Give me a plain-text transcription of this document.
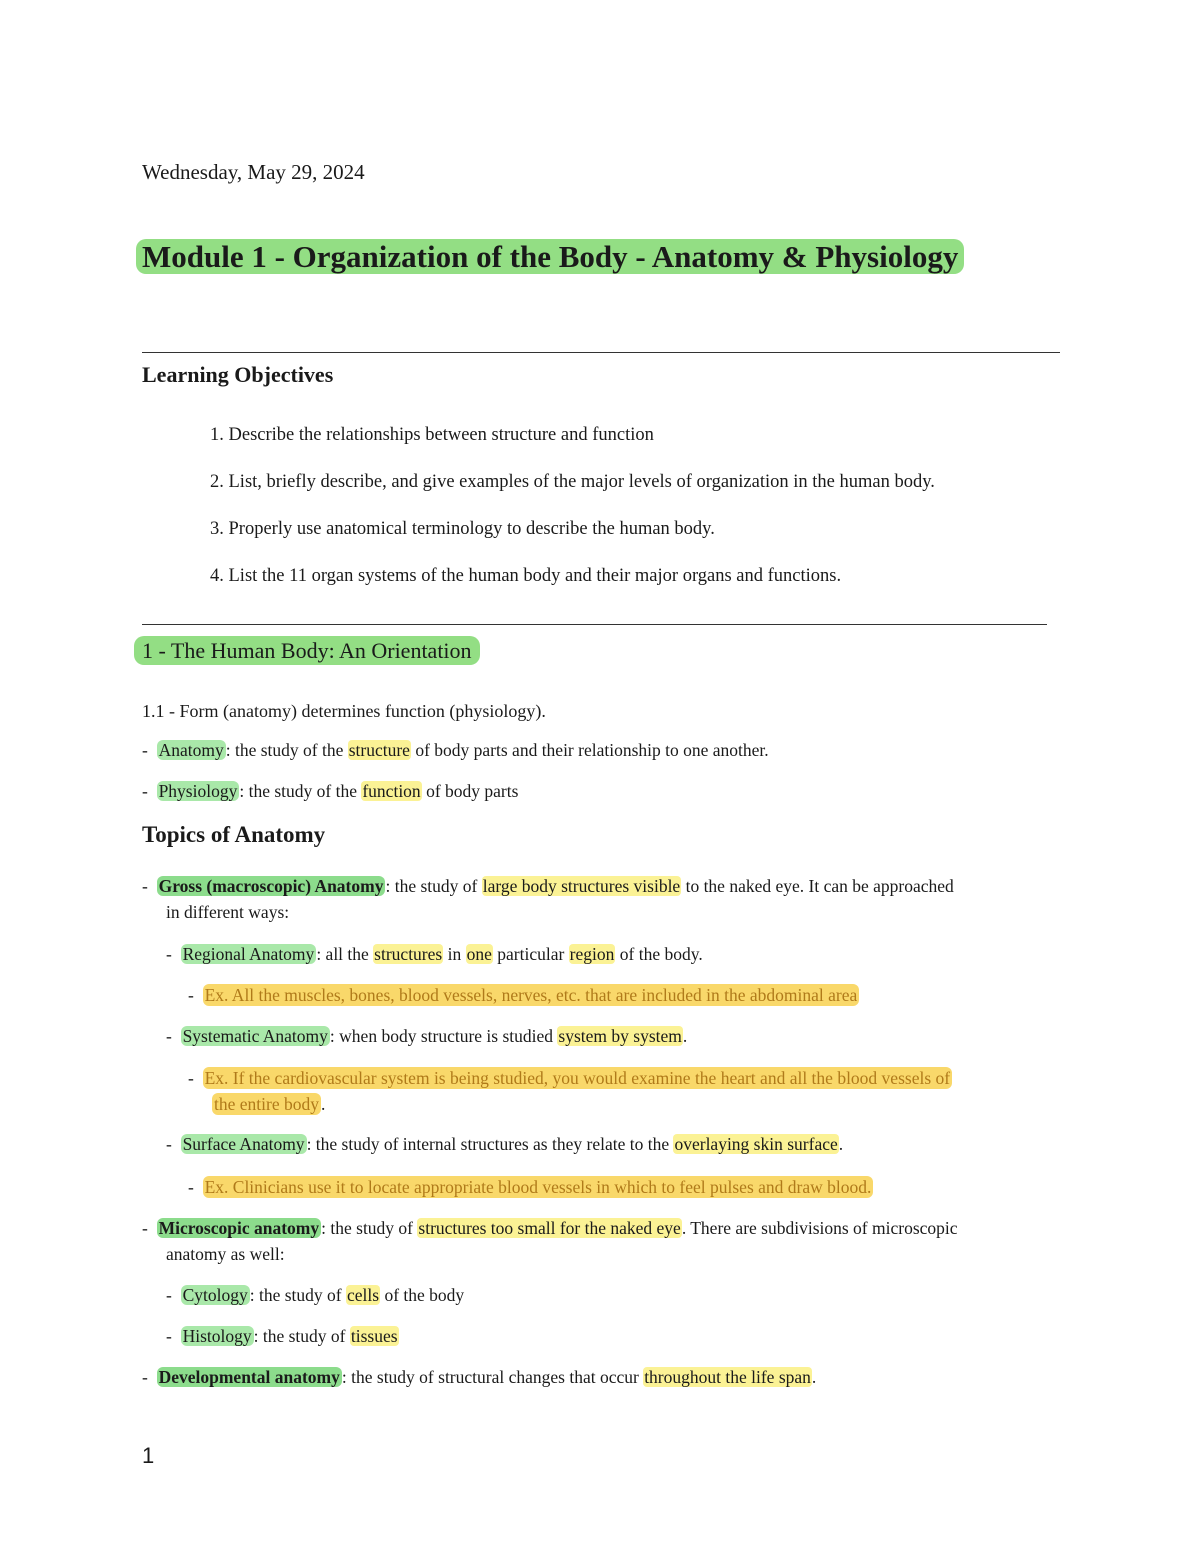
Wednesday, May 29, 2024
Module 1 - Organization of the Body - Anatomy & Physiology
Learning Objectives
1. Describe the relationships between structure and function
2. List, briefly describe, and give examples of the major levels of organization in the human body.
3. Properly use anatomical terminology to describe the human body.
4. List the 11 organ systems of the human body and their major organs and functions.
1 - The Human Body: An Orientation
1.1 - Form (anatomy) determines function (physiology).
- Anatomy : the study of the structure of body parts and their relationship to one another.
- Physiology : the study of the function of body parts
Topics of Anatomy
- Gross (macroscopic) Anatomy : the study of large body structures visible to the naked eye. It can be approached
in different ways:
- Regional Anatomy : all the structures in one particular region of the body.
- Ex. All the muscles, bones, blood vessels, nerves, etc. that are included in the abdominal area
- Systematic Anatomy : when body structure is studied system by system.
- Ex. If the cardiovascular system is being studied, you would examine the heart and all the blood vessels of
the entire body .
- Surface Anatomy : the study of internal structures as they relate to the overlaying skin surface.
- Ex. Clinicians use it to locate appropriate blood vessels in which to feel pulses and draw blood.
- Microscopic anatomy : the study of structures too small for the naked eye. There are subdivisions of microscopic
anatomy as well:
- Cytology : the study of cells of the body
- Histology : the study of tissues
- Developmental anatomy : the study of structural changes that occur throughout the life span.
1
